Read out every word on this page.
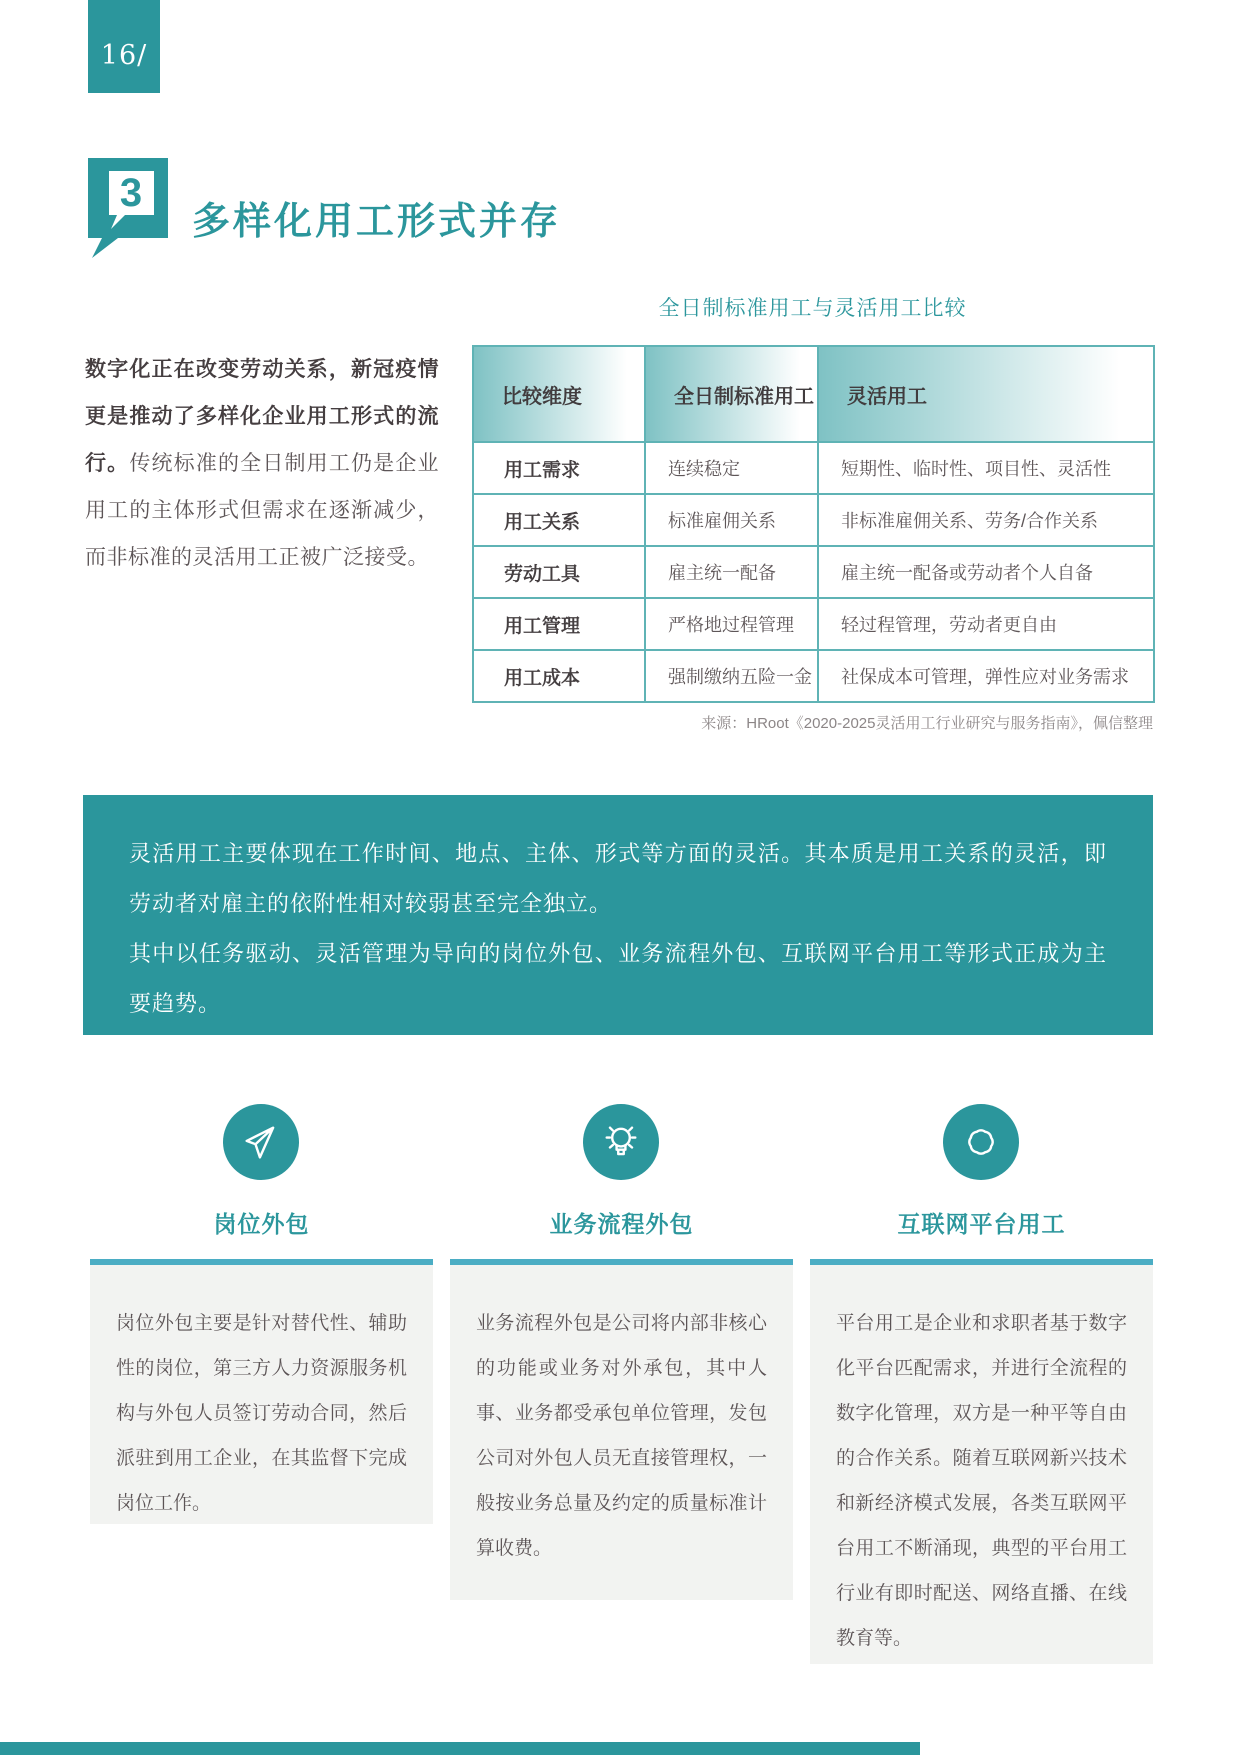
16/
3
多样化用工形式并存
数字化正在改变劳动关系，新冠疫情更是推动了多样化企业用工形式的流行。传统标准的全日制用工仍是企业用工的主体形式但需求在逐渐减少，而非标准的灵活用工正被广泛接受。
全日制标准用工与灵活用工比较
比较维度	全日制标准用工	灵活用工
用工需求	连续稳定	短期性、临时性、项目性、灵活性
用工关系	标准雇佣关系	非标准雇佣关系、劳务/合作关系
劳动工具	雇主统一配备	雇主统一配备或劳动者个人自备
用工管理	严格地过程管理	轻过程管理，劳动者更自由
用工成本	强制缴纳五险一金	社保成本可管理，弹性应对业务需求
来源：HRoot《2020-2025灵活用工行业研究与服务指南》，佩信整理

灵活用工主要体现在工作时间、地点、主体、形式等方面的灵活。其本质是用工关系的灵活，即劳动者对雇主的依附性相对较弱甚至完全独立。

其中以任务驱动、灵活管理为导向的岗位外包、业务流程外包、互联网平台用工等形式正成为主要趋势。

岗位外包
岗位外包主要是针对替代性、辅助性的岗位，第三方人力资源服务机构与外包人员签订劳动合同，然后派驻到用工企业，在其监督下完成岗位工作。
业务流程外包
业务流程外包是公司将内部非核心的功能或业务对外承包，其中人事、业务都受承包单位管理，发包公司对外包人员无直接管理权，一般按业务总量及约定的质量标准计算收费。
互联网平台用工
平台用工是企业和求职者基于数字化平台匹配需求，并进行全流程的数字化管理，双方是一种平等自由的合作关系。随着互联网新兴技术和新经济模式发展，各类互联网平台用工不断涌现，典型的平台用工行业有即时配送、网络直播、在线教育等。
